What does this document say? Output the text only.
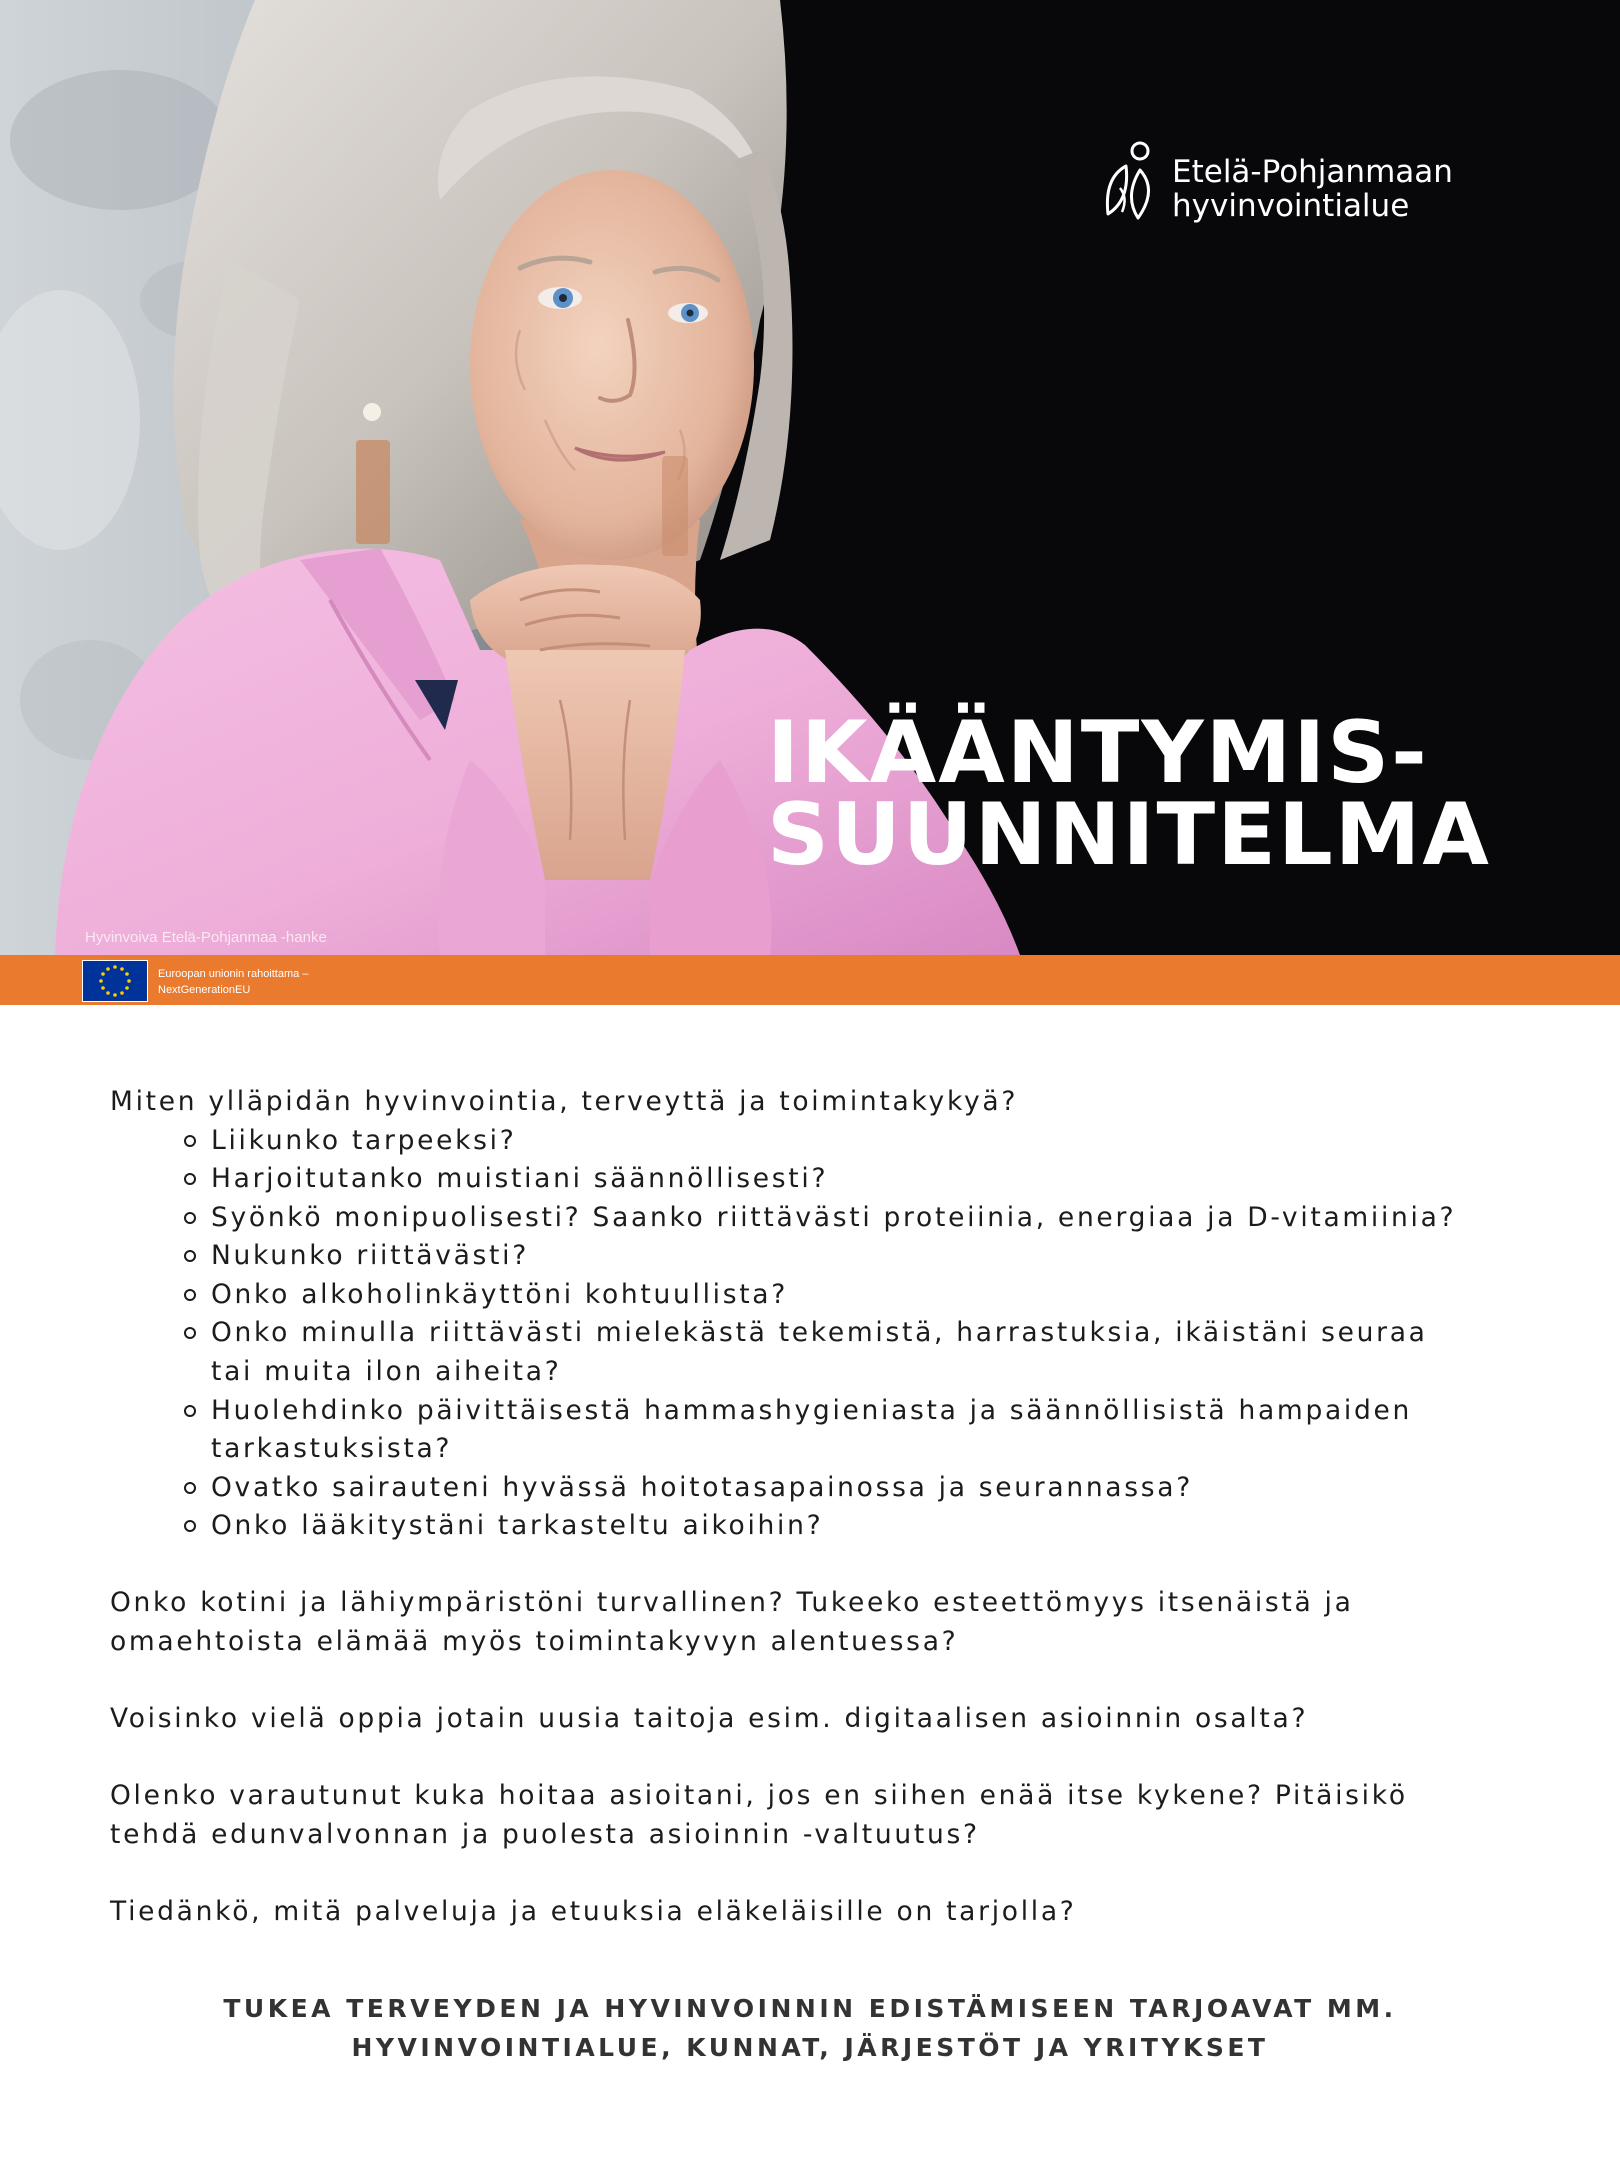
Etelä-Pohjanmaan
hyvinvointialue
IKÄÄNTYMIS-
SUUNNITELMA
Hyvinvoiva Etelä-Pohjanmaa -hanke
Euroopan unionin rahoittama –
NextGenerationEU
Miten ylläpidän hyvinvointia, terveyttä ja toimintakykyä?
Liikunko tarpeeksi?
Harjoitutanko muistiani säännöllisesti?
Syönkö monipuolisesti? Saanko riittävästi proteiinia, energiaa ja D-vitamiinia?
Nukunko riittävästi?
Onko alkoholinkäyttöni kohtuullista?
Onko minulla riittävästi mielekästä tekemistä, harrastuksia, ikäistäni seuraa
tai muita ilon aiheita?
Huolehdinko päivittäisestä hammashygieniasta ja säännöllisistä hampaiden
tarkastuksista?
Ovatko sairauteni hyvässä hoitotasapainossa ja seurannassa?
Onko lääkitystäni tarkasteltu aikoihin?
Onko kotini ja lähiympäristöni turvallinen? Tukeeko esteettömyys itsenäistä ja
omaehtoista elämää myös toimintakyvyn alentuessa?
Voisinko vielä oppia jotain uusia taitoja esim. digitaalisen asioinnin osalta?
Olenko varautunut kuka hoitaa asioitani, jos en siihen enää itse kykene? Pitäisikö
tehdä edunvalvonnan ja puolesta asioinnin -valtuutus?
Tiedänkö, mitä palveluja ja etuuksia eläkeläisille on tarjolla?
TUKEA TERVEYDEN JA HYVINVOINNIN EDISTÄMISEEN TARJOAVAT MM.
HYVINVOINTIALUE, KUNNAT, JÄRJESTÖT JA YRITYKSET
